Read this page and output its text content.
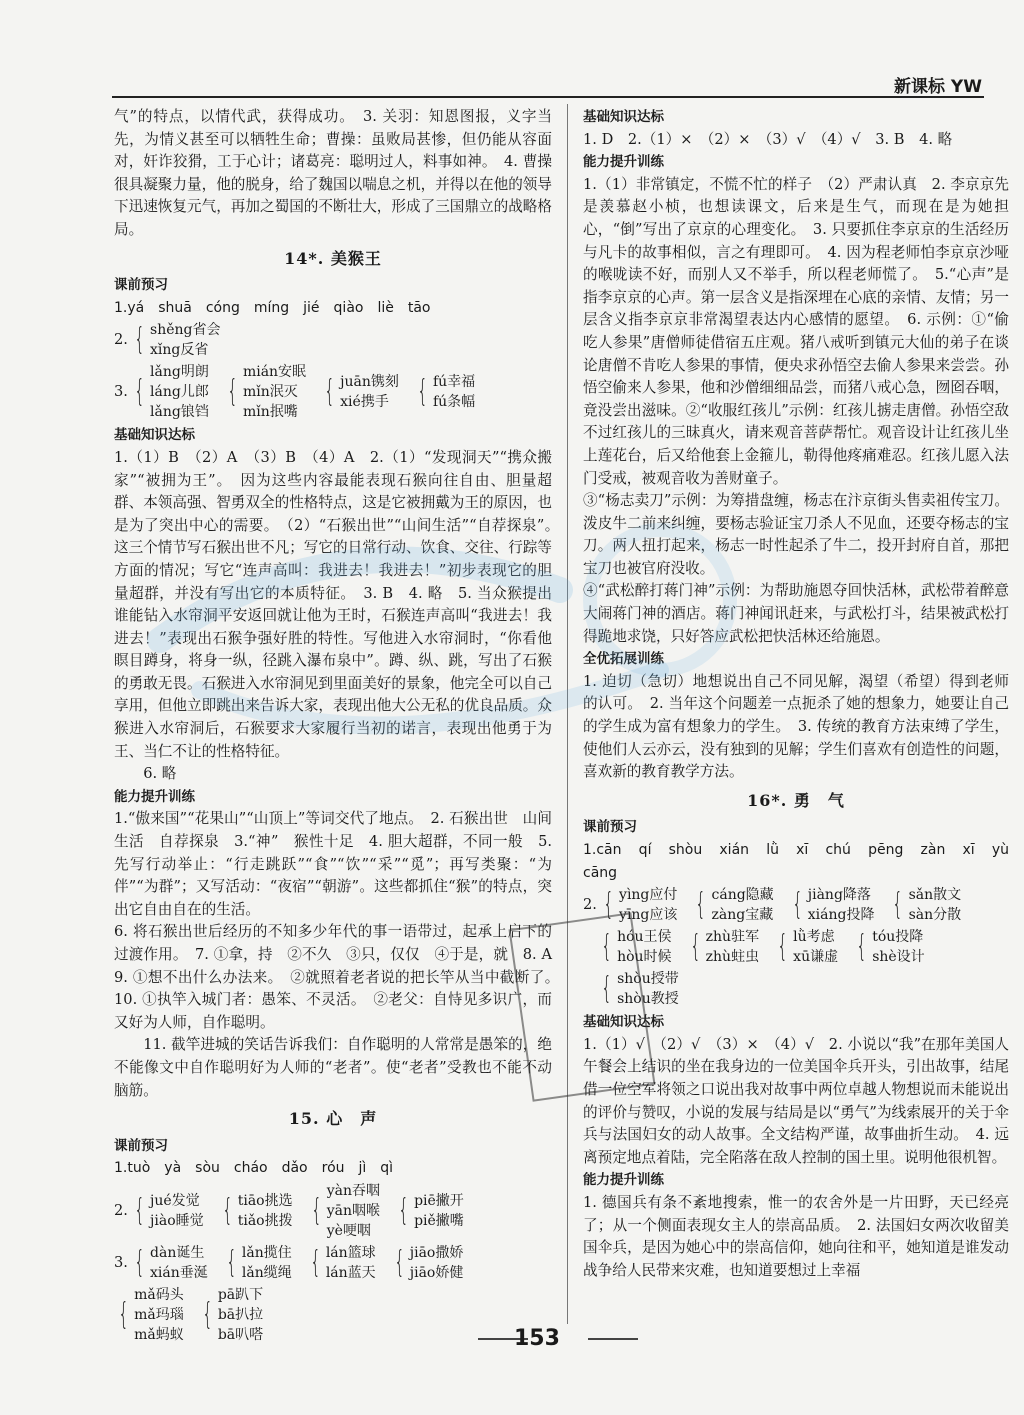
新课标 YW

气”的特点，以情代武，获得成功。　3. 关羽：知恩图报，义字当先，为情义甚至可以牺牲生命；曹操：虽败局甚惨，但仍能从容面对，奸诈狡猾，工于心计；诸葛亮：聪明过人，料事如神。　4. 曹操很具凝聚力量，他的脱身，给了魏国以喘息之机，并得以在他的领导下迅速恢复元气，再加之蜀国的不断壮大，形成了三国鼎立的战略格局。

14*. 美猴王
课前预习
1.yá　shuā　cóng　míng　jié　qiào　liè　tāo
2. { shěng省会
xǐng反省
3. {
lǎng明朗
láng儿郎
lǎng锒铛
{
mián安眠
mǐn泯灭
mǐn抿嘴
{ juān镌刻
xié携手 { fú幸福
fú条幅
基础知识达标

1.（1）B　（2）A　（3）B　（4）A　2.（1）“发现洞天”“携众搬家”“被拥为王”。　因为这些内容最能表现石猴向往自由、胆量超群、本领高强、智勇双全的性格特点，这是它被拥戴为王的原因，也是为了突出中心的需要。　（2）“石猴出世”“山间生活”“自荐探泉”。　这三个情节写石猴出世不凡；写它的日常行动、饮食、交往、行踪等方面的情况；写它“连声高叫：我进去！我进去！”初步表现它的胆量超群，并没有写出它的本质特征。　3. B　4. 略　5. 当众猴提出谁能钻入水帘洞平安返回就让他为王时，石猴连声高叫“我进去！我进去！”表现出石猴争强好胜的特性。写他进入水帘洞时，“你看他瞑目蹲身，将身一纵，径跳入瀑布泉中”。蹲、纵、跳，写出了石猴的勇敢无畏。石猴进入水帘洞见到里面美好的景象，他完全可以自己享用，但他立即跳出来告诉大家，表现出他大公无私的优良品质。众猴进入水帘洞后，石猴要求大家履行当初的诺言，表现出他勇于为王、当仁不让的性格特征。

6. 略

能力提升训练

1.“傲来国”“花果山”“山顶上”等词交代了地点。　2. 石猴出世　山间生活　自荐探泉　3.“神”　猴性十足　4. 胆大超群，不同一般　5. 先写行动举止：“行走跳跃”“食”“饮”“采”“觅”；再写类聚：“为伴”“为群”；又写活动：“夜宿”“朝游”。这些都抓住“猴”的特点，突出它自由自在的生活。

6. 将石猴出世后经历的不知多少年代的事一语带过，起承上启下的过渡作用。　7. ①拿，持　②不久　③只，仅仅　④于是，就　8. A　9. ①想不出什么办法来。　②就照着老者说的把长竿从当中截断了。　10. ①执竿入城门者：愚笨、不灵活。　②老父：自恃见多识广，而又好为人师，自作聪明。

11. 截竿进城的笑话告诉我们：自作聪明的人常常是愚笨的，绝不能像文中自作聪明好为人师的“老者”。使“老者”受教也不能不动脑筋。

15. 心　声
课前预习
1.tuò　yà　sòu　cháo　dǎo　róu　jì　qì
2. { jué发觉
jiào睡觉 { tiāo挑选
tiǎo挑拨 {
yàn吞咽
yān咽喉
yè哽咽
{ piē撇开
piě撇嘴
3. { dàn诞生
xián垂涎 { lǎn揽住
lǎn缆绳 { lán篮球
lán蓝天 { jiāo撒娇
jiāo娇健
{
mǎ码头
mǎ玛瑙
mǎ蚂蚁
{
pā趴下
bā扒拉
bā叭嗒
基础知识达标

1. D　2.（1）×　（2）×　（3）√　（4）√　3. B　4. 略

能力提升训练

1.（1）非常镇定，不慌不忙的样子　（2）严肃认真　2. 李京京先是羡慕赵小桢，也想读课文，后来是生气，而现在是为她担心，“倒”写出了京京的心理变化。　3. 只要抓住李京京的生活经历与凡卡的故事相似，言之有理即可。　4. 因为程老师怕李京京沙哑的喉咙读不好，而别人又不举手，所以程老师慌了。　5.“心声”是指李京京的心声。第一层含义是指深埋在心底的亲情、友情；另一层含义指李京京非常渴望表达内心感情的愿望。　6. 示例：①“偷吃人参果”唐僧师徒借宿五庄观。猪八戒听到镇元大仙的弟子在谈论唐僧不肯吃人参果的事情，便央求孙悟空去偷人参果来尝尝。孙悟空偷来人参果，他和沙僧细细品尝，而猪八戒心急，囫囵吞咽，竟没尝出滋味。②“收服红孩儿”示例：红孩儿掳走唐僧。孙悟空敌不过红孩儿的三昧真火，请来观音菩萨帮忙。观音设计让红孩儿坐上莲花台，后又给他套上金箍儿，勒得他疼痛难忍。红孩儿愿入法门受戒，被观音收为善财童子。

③“杨志卖刀”示例：为筹措盘缠，杨志在汴京街头售卖祖传宝刀。泼皮牛二前来纠缠，要杨志验证宝刀杀人不见血，还要夺杨志的宝刀。两人扭打起来，杨志一时性起杀了牛二，投开封府自首，那把宝刀也被官府没收。

④“武松醉打蒋门神”示例：为帮助施恩夺回快活林，武松带着醉意大闹蒋门神的酒店。蒋门神闻讯赶来，与武松打斗，结果被武松打得跪地求饶，只好答应武松把快活林还给施恩。

全优拓展训练

1. 迫切（急切）地想说出自己不同见解，渴望（希望）得到老师的认可。　2. 当年这个问题差一点扼杀了她的想象力，她要让自己的学生成为富有想象力的学生。　3. 传统的教育方法束缚了学生，使他们人云亦云，没有独到的见解；学生们喜欢有创造性的问题，喜欢新的教育教学方法。

16*. 勇　气
课前预习
1.cān　qí　shòu　xián　lǜ　xī　chú　pēng　zàn　xī　yù　cāng
2. { yìng应付
yīng应该 { cáng隐藏
zàng宝藏 { jiàng降落
xiáng投降 { sǎn散文
sàn分散
{ hóu王侯
hòu时候 { zhù驻军
zhù蛀虫 { lǜ考虑
xū谦虚 { tóu投降
shè设计
{ shòu授带
shòu教授
基础知识达标

1.（1）√　（2）√　（3）×　（4）√　2. 小说以“我”在那年美国人午餐会上结识的坐在我身边的一位美国伞兵开头，引出故事，结尾借一位空军将领之口说出我对故事中两位卓越人物想说而未能说出的评价与赞叹，小说的发展与结局是以“勇气”为线索展开的关于伞兵与法国妇女的动人故事。全文结构严谨，故事曲折生动。　4. 远离预定地点着陆，完全陷落在敌人控制的国土里。说明他很机智。

能力提升训练

1. 德国兵有条不紊地搜索，惟一的农舍外是一片田野，天已经亮了；从一个侧面表现女主人的崇高品质。　2. 法国妇女两次收留美国伞兵，是因为她心中的崇高信仰，她向往和平，她知道是谁发动战争给人民带来灾难，也知道要想过上幸福

153
